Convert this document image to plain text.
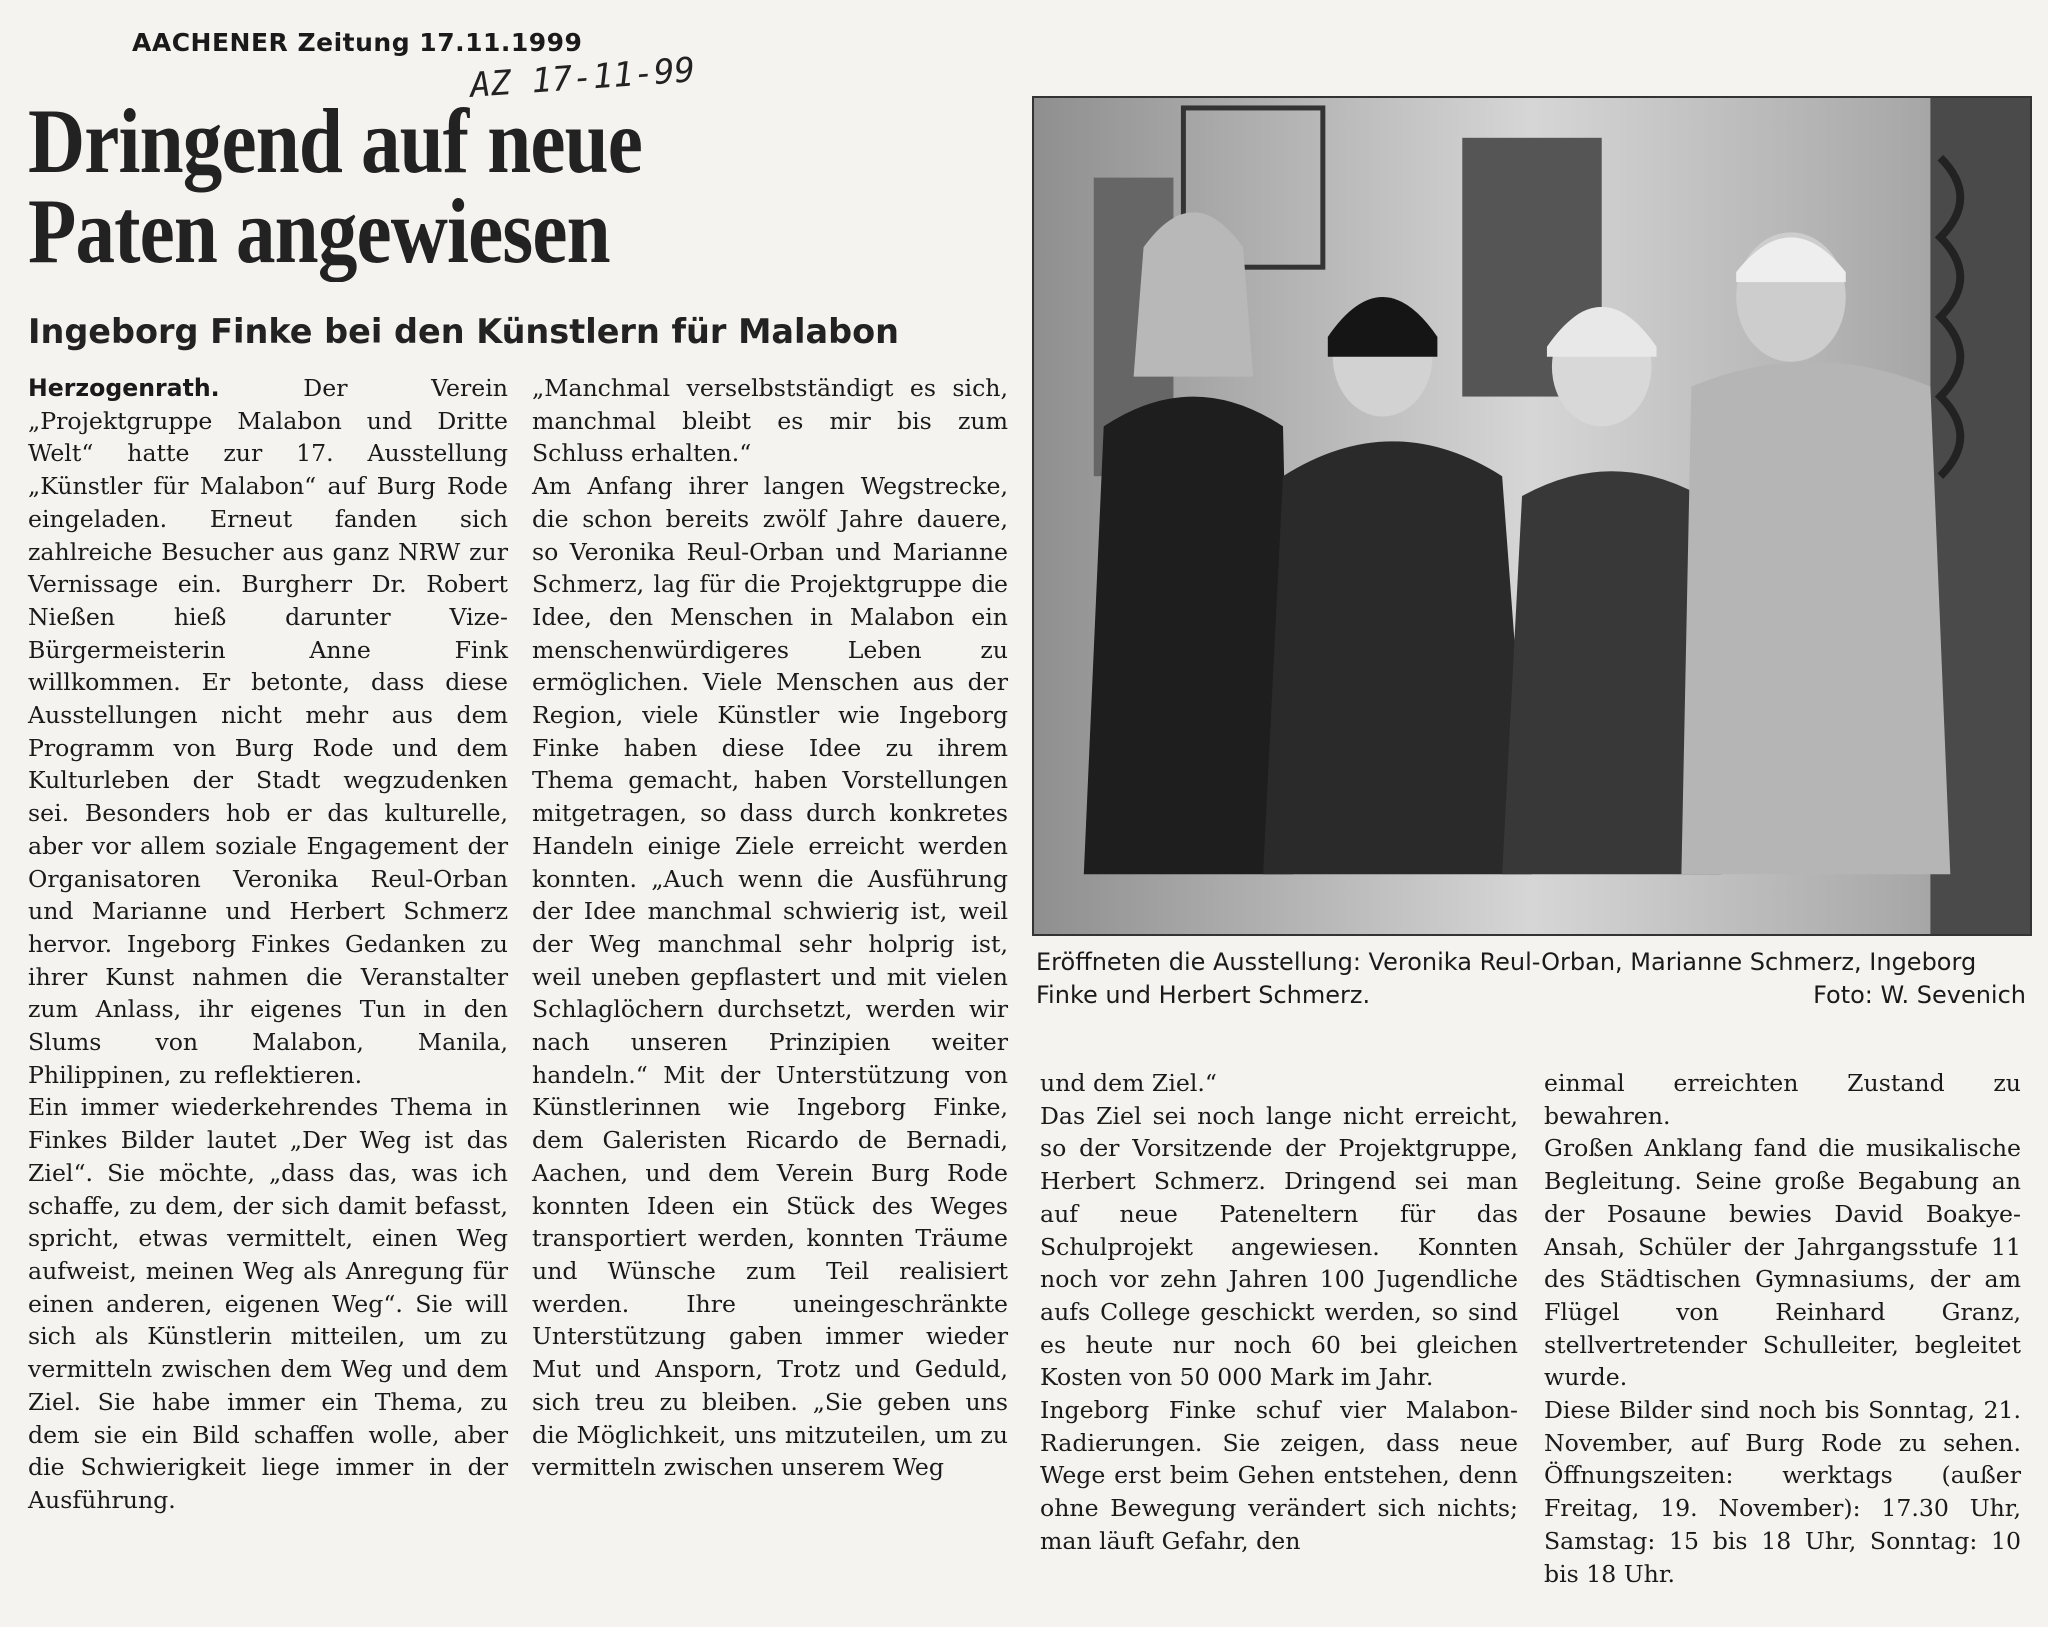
AACHENER Zeitung 17.11.1999
AZ 17-11-99
Dringend auf neue
Paten angewiesen
Ingeborg Finke bei den Künstlern für Malabon

Herzogenrath. Der Verein „Projektgruppe Malabon und Dritte Welt“ hatte zur 17. Ausstellung „Künstler für Malabon“ auf Burg Rode eingeladen. Erneut fanden sich zahlreiche Besucher aus ganz NRW zur Vernissage ein. Burgherr Dr. Robert Nießen hieß darunter Vize-Bürgermeisterin Anne Fink willkommen. Er betonte, dass diese Ausstellungen nicht mehr aus dem Programm von Burg Rode und dem Kulturleben der Stadt wegzudenken sei. Besonders hob er das kulturelle, aber vor allem soziale Engagement der Organisatoren Veronika Reul-Orban und Marianne und Herbert Schmerz hervor. Ingeborg Finkes Gedanken zu ihrer Kunst nahmen die Veranstalter zum Anlass, ihr eigenes Tun in den Slums von Malabon, Manila, Philippinen, zu reflektieren.

Ein immer wiederkehrendes Thema in Finkes Bilder lautet „Der Weg ist das Ziel“. Sie möchte, „dass das, was ich schaffe, zu dem, der sich damit befasst, spricht, etwas vermittelt, einen Weg aufweist, meinen Weg als Anregung für einen anderen, eigenen Weg“. Sie will sich als Künstlerin mitteilen, um zu vermitteln zwischen dem Weg und dem Ziel. Sie habe immer ein Thema, zu dem sie ein Bild schaffen wolle, aber die Schwierigkeit liege immer in der Ausführung.

„Manchmal verselbstständigt es sich, manchmal bleibt es mir bis zum Schluss erhalten.“

Am Anfang ihrer langen Wegstrecke, die schon bereits zwölf Jahre dauere, so Veronika Reul-Orban und Marianne Schmerz, lag für die Projektgruppe die Idee, den Menschen in Malabon ein menschenwürdigeres Leben zu ermöglichen. Viele Menschen aus der Region, viele Künstler wie Ingeborg Finke haben diese Idee zu ihrem Thema gemacht, haben Vorstellungen mitgetragen, so dass durch konkretes Handeln einige Ziele erreicht werden konnten. „Auch wenn die Ausführung der Idee manchmal schwierig ist, weil der Weg manchmal sehr holprig ist, weil uneben gepflastert und mit vielen Schlaglöchern durchsetzt, werden wir nach unseren Prinzipien weiter handeln.“ Mit der Unterstützung von Künstlerinnen wie Ingeborg Finke, dem Galeristen Ricardo de Bernadi, Aachen, und dem Verein Burg Rode konnten Ideen ein Stück des Weges transportiert werden, konnten Träume und Wünsche zum Teil realisiert werden. Ihre uneingeschränkte Unterstützung gaben immer wieder Mut und Ansporn, Trotz und Geduld, sich treu zu bleiben. „Sie geben uns die Möglichkeit, uns mitzuteilen, um zu vermitteln zwischen unserem Weg

Eröffneten die Ausstellung: Veronika Reul-Orban, Marianne Schmerz, Ingeborg Finke und Herbert Schmerz.	Foto: W. Sevenich

und dem Ziel.“

Das Ziel sei noch lange nicht erreicht, so der Vorsitzende der Projektgruppe, Herbert Schmerz. Dringend sei man auf neue Pateneltern für das Schulprojekt angewiesen. Konnten noch vor zehn Jahren 100 Jugendliche aufs College geschickt werden, so sind es heute nur noch 60 bei gleichen Kosten von 50 000 Mark im Jahr.

Ingeborg Finke schuf vier Malabon-Radierungen. Sie zeigen, dass neue Wege erst beim Gehen entstehen, denn ohne Bewegung verändert sich nichts; man läuft Gefahr, den

einmal erreichten Zustand zu bewahren.

Großen Anklang fand die musikalische Begleitung. Seine große Begabung an der Posaune bewies David Boakye-Ansah, Schüler der Jahrgangsstufe 11 des Städtischen Gymnasiums, der am Flügel von Reinhard Granz, stellvertretender Schulleiter, begleitet wurde.

Diese Bilder sind noch bis Sonntag, 21. November, auf Burg Rode zu sehen. Öffnungszeiten: werktags (außer Freitag, 19. November): 17.30 Uhr, Samstag: 15 bis 18 Uhr, Sonntag: 10 bis 18 Uhr.
